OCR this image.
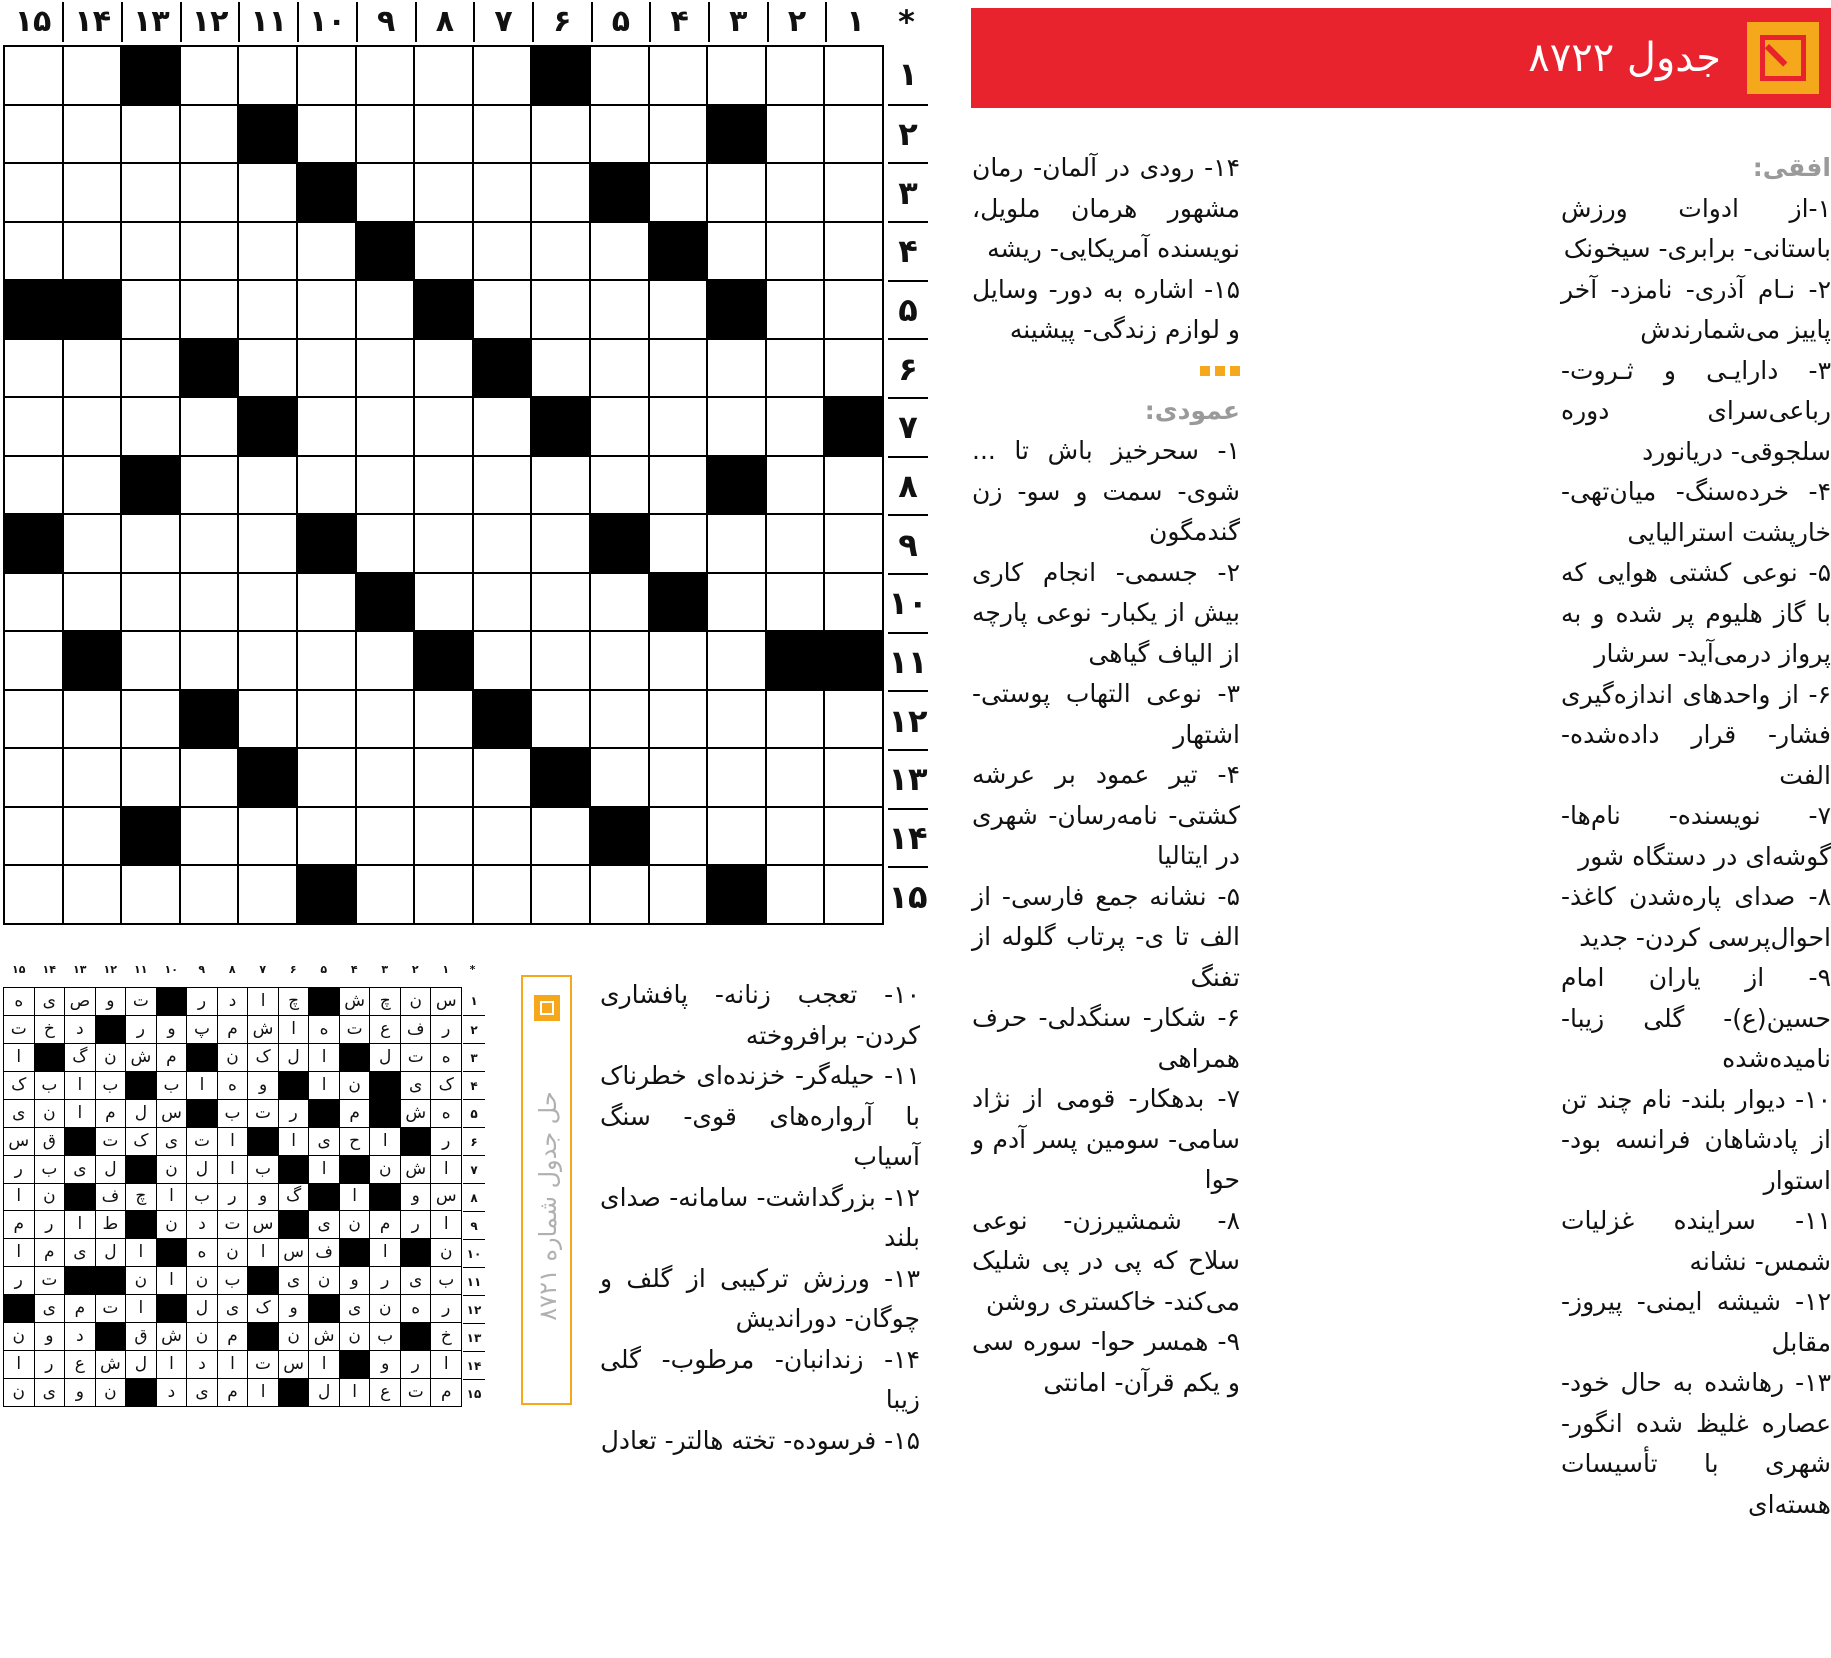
جدول ۸۷۲۲
*
۱
۲
۳
۴
۵
۶
۷
۸
۹
۱۰
۱۱
۱۲
۱۳
۱۴
۱۵
۱
۲
۳
۴
۵
۶
۷
۸
۹
۱۰
۱۱
۱۲
۱۳
۱۴
۱۵

افقی:

۱-از ادوات ورزش باستانی- برابری- سیخونک

۲- نـام آذری- نامزد- آخر پاییز می‌شمارندش

۳- دارایـی و ثـروت- رباعی‌سرای دوره سلجوقی- دریانورد

۴- خرده‌سنگ- میان‌تهی- خارپشت استرالیایی

۵- نوعی کشتی هوایی که با گاز هلیوم پر شده و به پرواز درمی‌آید- سرشار

۶- از واحدهای اندازه‌گیری فشار- قرار داده‌شده- الفت

۷- نویسنده- نام‌ها- گوشه‌ای در دستگاه شور

۸- صدای پاره‌شدن کاغذ- احوال‌پرسی کردن- جدید

۹- از یاران امام حسین(ع)- گلی زیبا- نامیده‌شده

۱۰- دیوار بلند- نام چند تن از پادشاهان فرانسه بود- استوار

۱۱- سراینده غزلیات شمس- نشانه

۱۲- شیشه ایمنی- پیروز- مقابل

۱۳- رهاشده به حال خود- عصاره غلیظ شده انگور- شهری با تأسیسات هسته‌ای

۱۴- رودی در آلمان- رمان مشهور هرمان ملویل، نویسنده آمریکایی- ریشه

۱۵- اشاره به دور- وسایل و لوازم زندگی- پیشینه

عمودی:

۱- سحرخیز باش تا ... شوی- سمت و سو- زن گندمگون

۲- جسمی- انجام کاری بیش از یکبار- نوعی پارچه از الیاف گیاهی

۳- نوعی التهاب پوستی- اشتهار

۴- تیر عمود بر عرشه کشتی- نامه‌رسان- شهری در ایتالیا

۵- نشانه جمع فارسی- از الف تا ی- پرتاب گلوله از تفنگ

۶- شکار- سنگدلی- حرف همراهی

۷- بدهکار- قومی از نژاد سامی- سومین پسر آدم و حوا

۸- شمشیرزن- نوعی سلاح که پی در پی شلیک می‌کند- خاکستری روشن

۹- همسر حوا- سوره سی و یکم قرآن- امانتی

۱۰- تعجب زنانه- پافشاری کردن- برافروخته

۱۱- حیله‌گر- خزنده‌ای خطرناک با آرواره‌های قوی- سنگ آسیاب

۱۲- بزرگداشت- سامانه- صدای بلند

۱۳- ورزش ترکیبی از گلف و چوگان- دوراندیش

۱۴- زندانبان- مرطوب- گلی زیبا

۱۵- فرسوده- تخته هالتر- تعادل

حل جدول شماره ۸۷۲۱
*
۱
۲
۳
۴
۵
۶
۷
۸
۹
۱۰
۱۱
۱۲
۱۳
۱۴
۱۵
س
ن
چ
ش
چ
ا
د
ر
ت
و
ص
ی
ه
ر
ف
ع
ت
ه
ا
ش
م
پ
و
ر
د
خ
ت
ه
ت
ل
ا
ل
ک
ن
م
ش
ن
گ
ا
ک
ی
ن
ا
و
ه
ا
ب
ب
ا
ب
ک
ه
ش
م
ر
ت
ب
س
ل
م
ا
ن
ی
ر
ا
ح
ی
ا
ا
ت
ی
ک
ت
ق
س
ا
ش
ن
ا
ب
ا
ل
ن
ل
ی
ب
ر
س
و
ا
گ
و
ر
ب
ا
چ
ف
ن
ا
ا
ر
م
ن
ی
س
ت
د
ن
ط
ا
ر
م
ن
ا
ف
س
ا
ن
ه
ا
ل
ی
م
ا
ب
ی
ر
و
ن
ی
ب
ن
ا
ن
ت
ر
ر
ه
ن
ی
و
ک
ی
ل
ا
ت
م
ی
خ
ب
ن
ش
ن
م
ن
ش
ق
د
و
ن
ا
ر
و
ا
س
ت
ا
د
ا
ل
ش
ع
ر
ا
م
ت
ع
ا
ل
ا
م
ی
د
ن
و
ی
ن
۱
۲
۳
۴
۵
۶
۷
۸
۹
۱۰
۱۱
۱۲
۱۳
۱۴
۱۵
